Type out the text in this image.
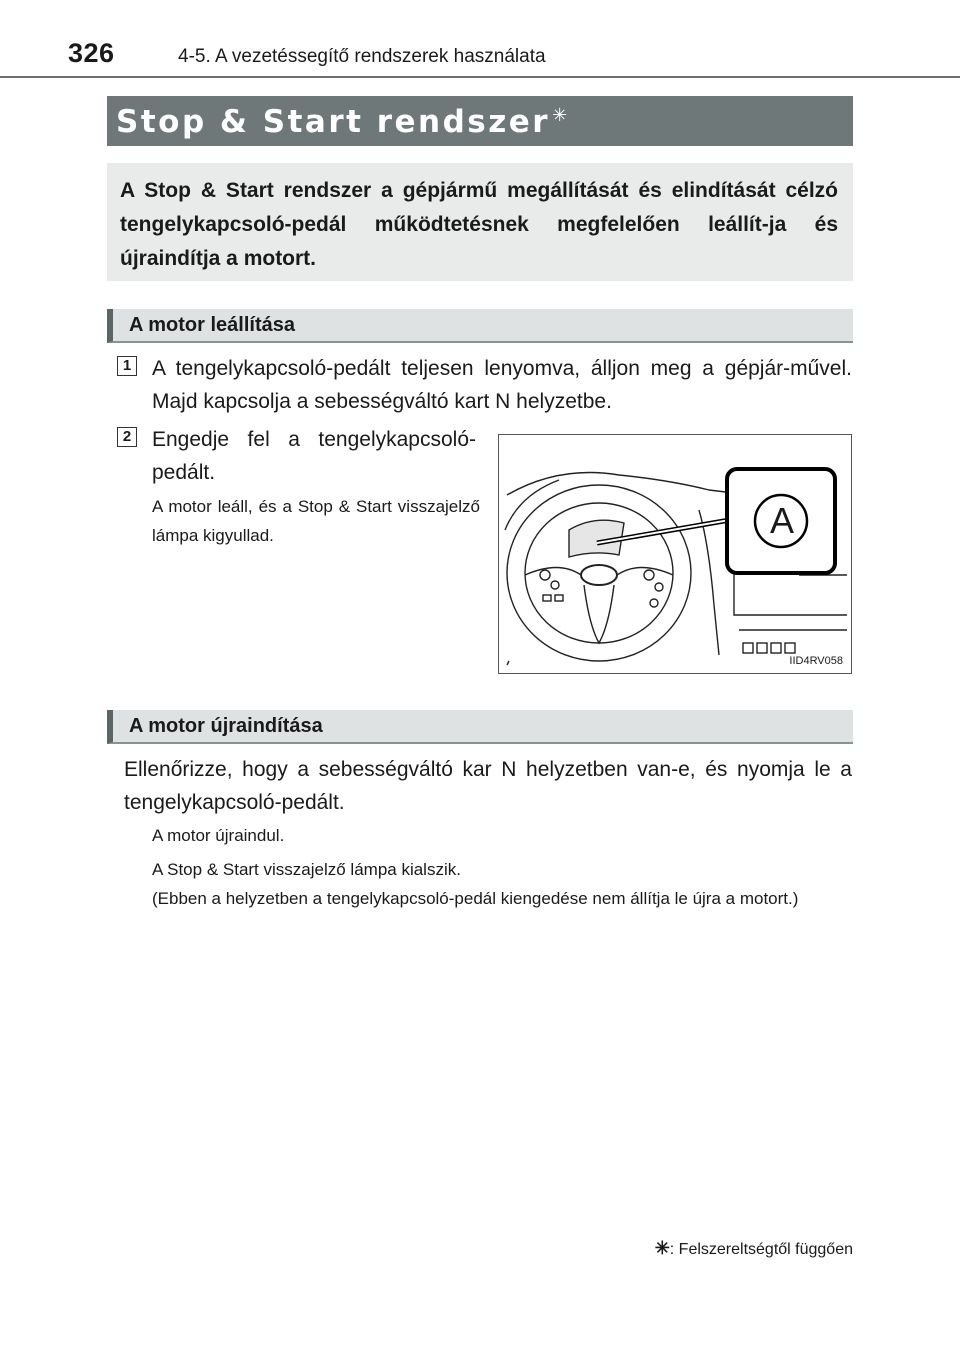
326	4-5. A vezetéssegítő rendszerek használata
Stop & Start rendszer ✳
A Stop & Start rendszer a gépjármű megállítását és elindítását célzó tengelykapcsoló-pedál működtetésnek megfelelően leállít-ja és újraindítja a motort.
A motor leállítása
1 A tengelykapcsoló-pedált teljesen lenyomva, álljon meg a gépjár-művel. Majd kapcsolja a sebességváltó kart N helyzetbe.
2 Engedje fel a tengelykapcsoló-pedált.
A motor leáll, és a Stop & Start visszajelző lámpa kigyullad.	A
IID4RV058
A motor újraindítása
Ellenőrizze, hogy a sebességváltó kar N helyzetben van-e, és nyomja le a tengelykapcsoló-pedált.
A motor újraindul.
A Stop & Start visszajelző lámpa kialszik.
(Ebben a helyzetben a tengelykapcsoló-pedál kiengedése nem állítja le újra a motort.)
✳: Felszereltségtől függően
